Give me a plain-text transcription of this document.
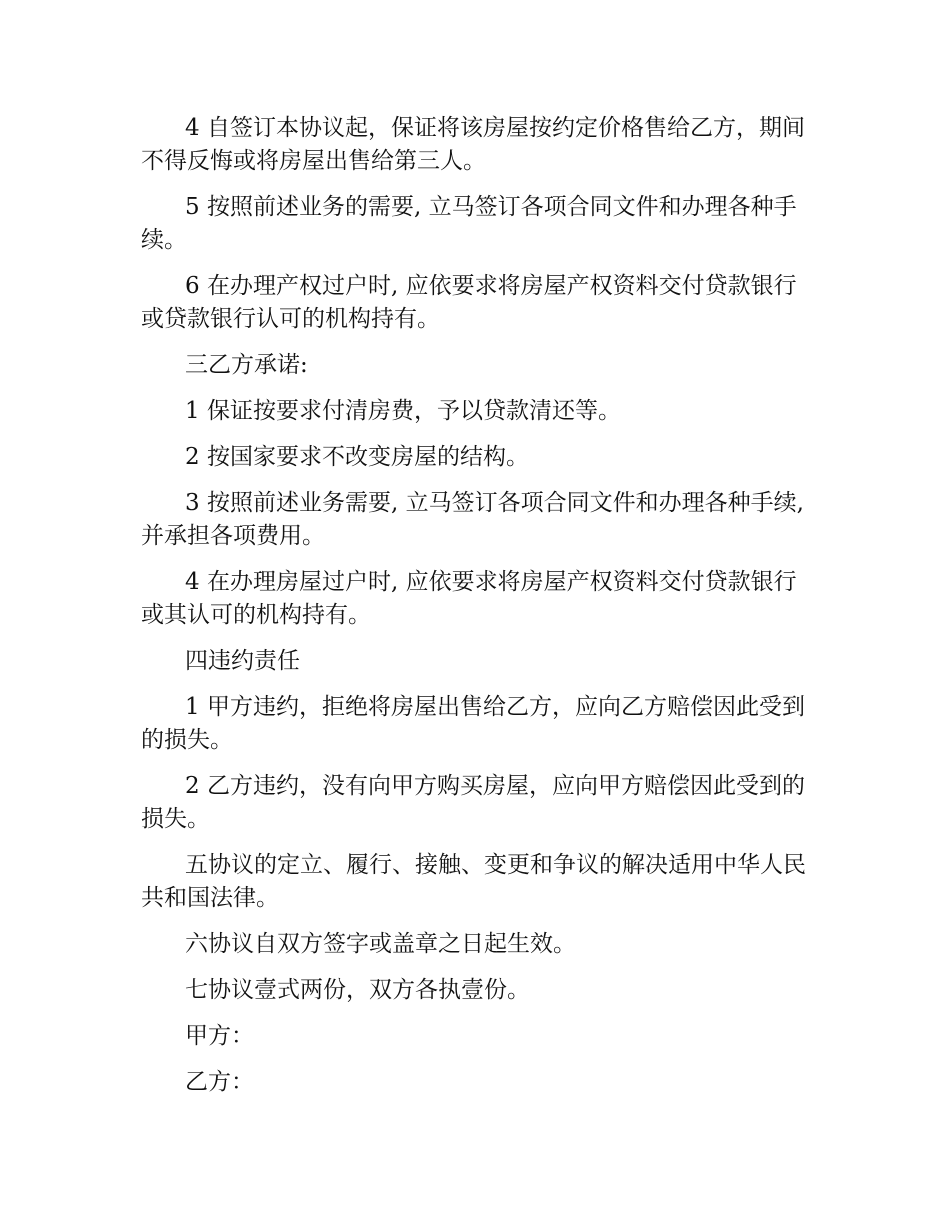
4 自签订本协议起，保证将该房屋按约定价格售给乙方，期间不得反悔或将房屋出售给第三人。

5 按照前述业务的需要, 立马签订各项合同文件和办理各种手续。

6 在办理产权过户时, 应依要求将房屋产权资料交付贷款银行或贷款银行认可的机构持有。

三乙方承诺:

1 保证按要求付清房费，予以贷款清还等。

2 按国家要求不改变房屋的结构。

3 按照前述业务需要, 立马签订各项合同文件和办理各种手续, 并承担各项费用。

4 在办理房屋过户时, 应依要求将房屋产权资料交付贷款银行或其认可的机构持有。

四违约责任

1 甲方违约，拒绝将房屋出售给乙方，应向乙方赔偿因此受到的损失。

2 乙方违约，没有向甲方购买房屋，应向甲方赔偿因此受到的损失。

五协议的定立、履行、接触、变更和争议的解决适用中华人民共和国法律。

六协议自双方签字或盖章之日起生效。

七协议壹式两份，双方各执壹份。

甲方：

乙方：
